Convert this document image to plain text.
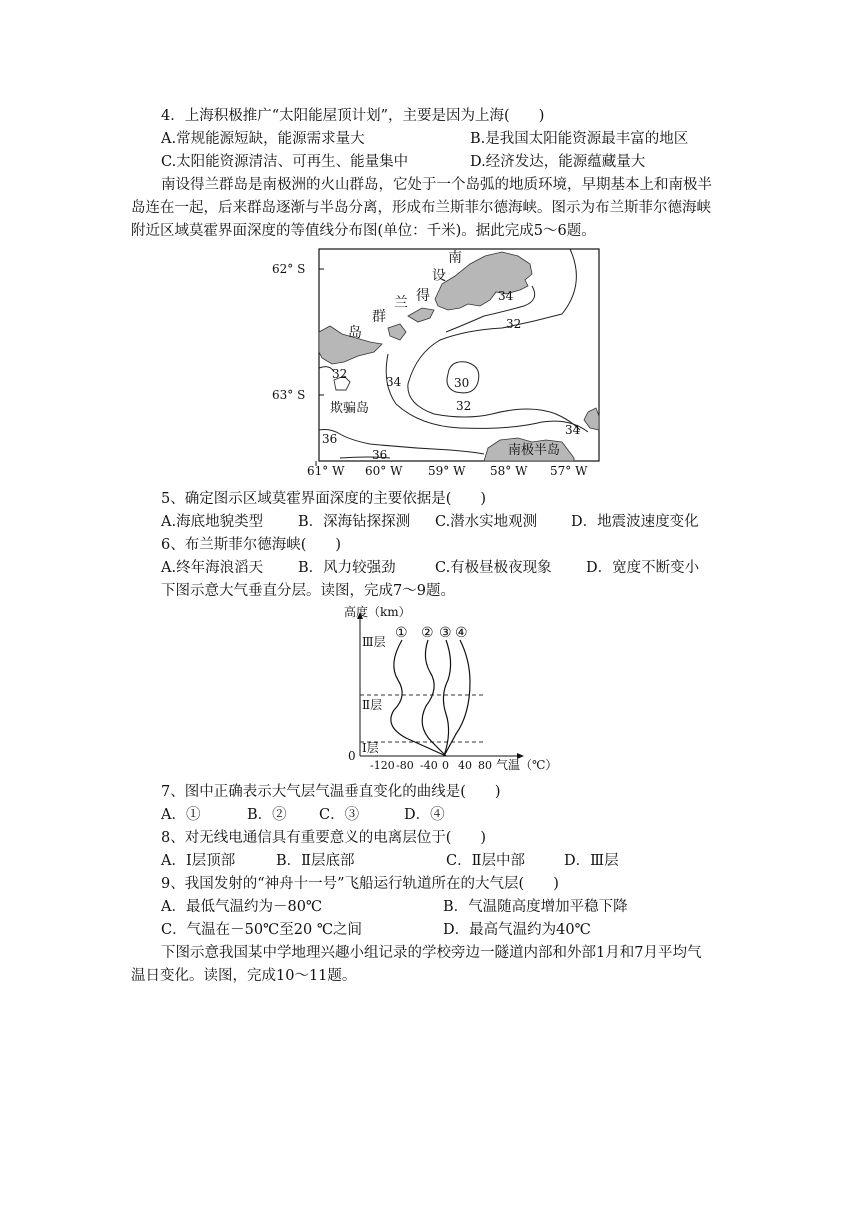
4．上海积极推广“太阳能屋顶计划”，主要是因为上海(　　)
A.常规能源短缺，能源需求量大	B.是我国太阳能资源最丰富的地区
C.太阳能资源清洁、可再生、能量集中	D.经济发达，能源蕴藏量大
南设得兰群岛是南极洲的火山群岛，它处于一个岛弧的地质环境，早期基本上和南极半
岛连在一起，后来群岛逐渐与半岛分离，形成布兰斯菲尔德海峡。图示为布兰斯菲尔德海峡
附近区域莫霍界面深度的等值线分布图(单位：千米)。据此完成5～6题。
62° S
63° S
61° W 60° W 59° W 58° W 57° W
南
设
得
兰
群
岛
欺骗岛
南极半岛
34
32
32
34	30
32
34
36
36
5、确定图示区域莫霍界面深度的主要依据是(　　)
A.海底地貌类型 B．深海钻探探测 C.潜水实地观测 D．地震波速度变化
6、布兰斯菲尔德海峡(　　)
A.终年海浪滔天 B．风力较强劲	C.有极昼极夜现象 D．宽度不断变小
下图示意大气垂直分层。读图，完成7～9题。
高度（km）
Ⅲ层
Ⅱ层
Ⅰ层
0
-120 -80 -40 0 40 80 气温（℃）
① ② ③ ④
7、图中正确表示大气层气温垂直变化的曲线是(　　)
A．①	B．② C．③	D．④
8、对无线电通信具有重要意义的电离层位于(　　)
A．Ⅰ层顶部	B．Ⅱ层底部	C．Ⅱ层中部	D．Ⅲ层
9、我国发射的“神舟十一号”飞船运行轨道所在的大气层(　　)
A．最低气温约为－80℃	B．气温随高度增加平稳下降
C．气温在－50℃至20 ℃之间	D．最高气温约为40℃
下图示意我国某中学地理兴趣小组记录的学校旁边一隧道内部和外部1月和7月平均气
温日变化。读图，完成10～11题。
